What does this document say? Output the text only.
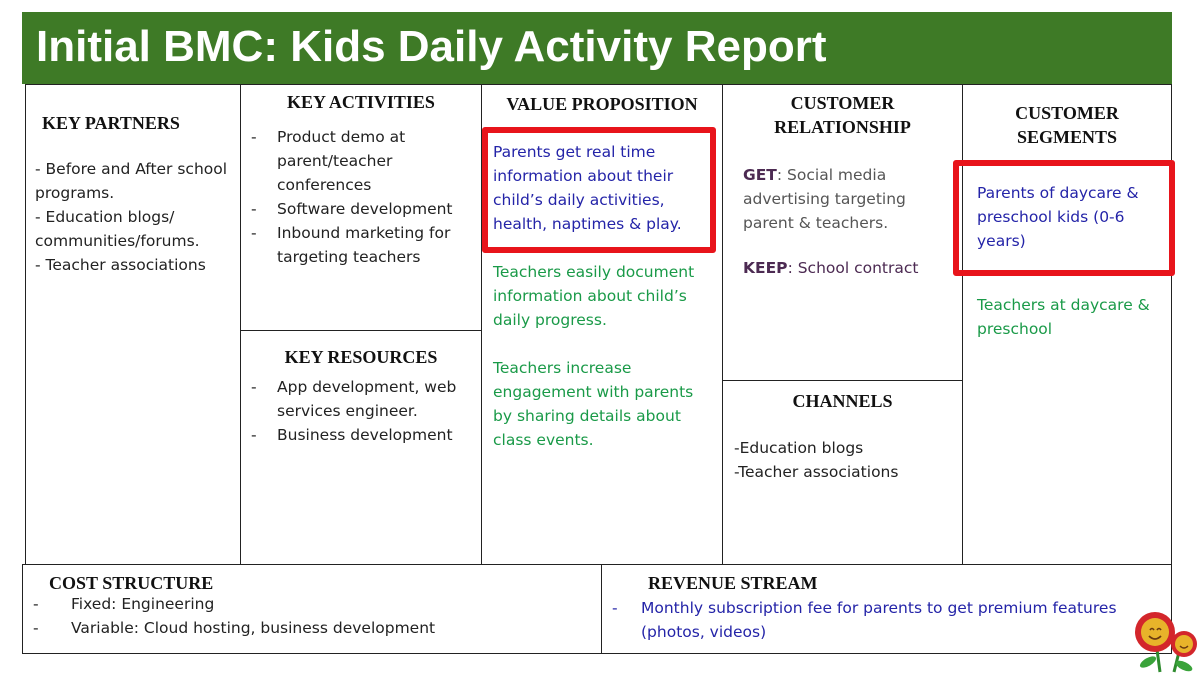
Initial BMC: Kids Daily Activity Report
KEY PARTNERS
- Before and After school
programs.
- Education blogs/
communities/forums.
- Teacher associations
KEY ACTIVITIES
- Product demo at parent/teacher conferences
- Software development
- Inbound marketing for targeting teachers
KEY RESOURCES
- App development, web services engineer.
- Business development
VALUE PROPOSITION
Parents get real time information about their child’s daily activities, health, naptimes & play.
Teachers easily document information about child’s daily progress.
Teachers increase engagement with parents by sharing details about class events.
CUSTOMER RELATIONSHIP
GET: Social media advertising targeting parent & teachers.
KEEP: School contract
CHANNELS
-Education blogs
-Teacher associations
CUSTOMER SEGMENTS
Parents of daycare & preschool kids (0-6 years)
Teachers at daycare & preschool
COST STRUCTURE
- Fixed: Engineering
- Variable: Cloud hosting, business development
REVENUE STREAM
- Monthly subscription fee for parents to get premium features (photos, videos)
